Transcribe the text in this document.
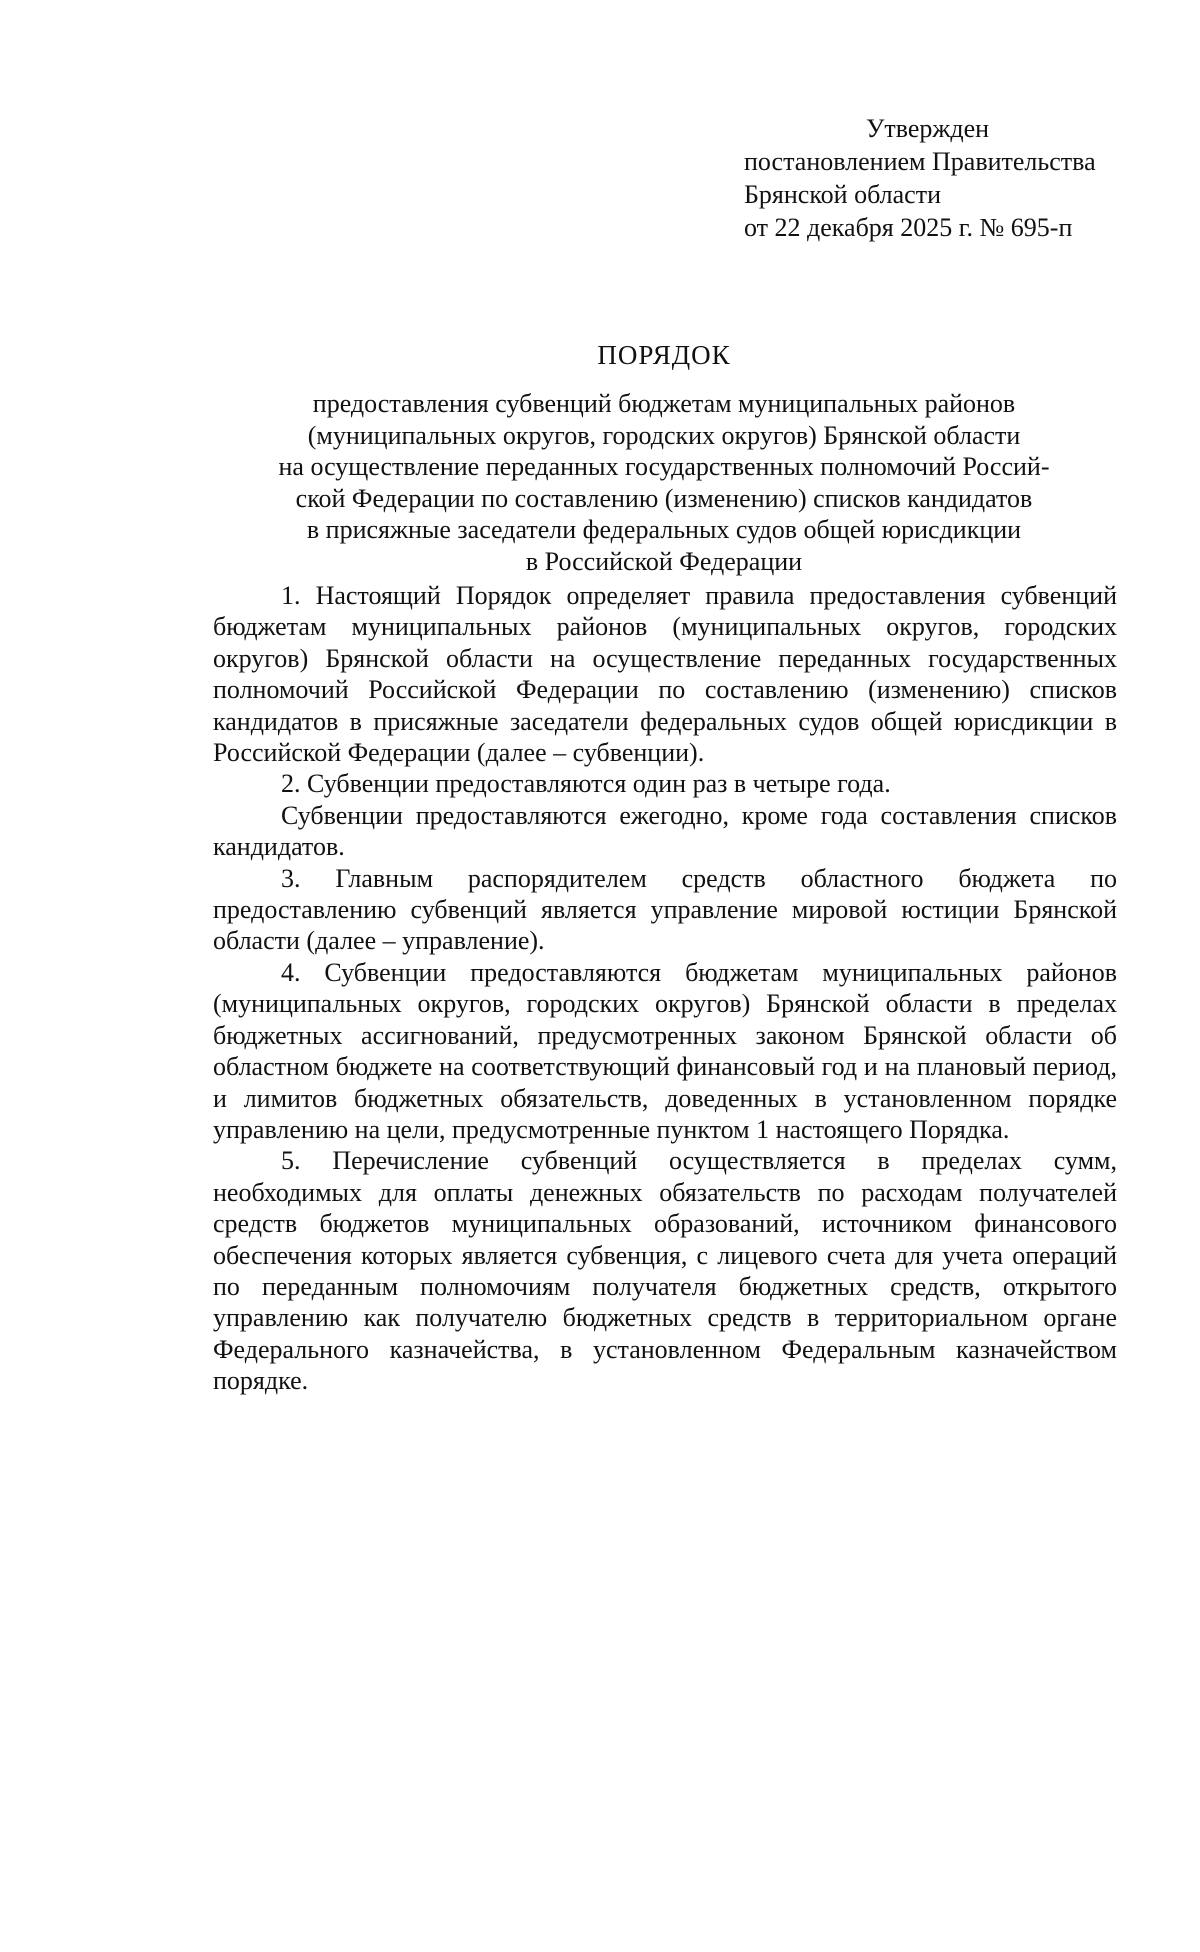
Утвержден
постановлением Правительства
Брянской области
от 22 декабря 2025 г. № 695-п
ПОРЯДОК
предоставления субвенций бюджетам муниципальных районов
(муниципальных округов, городских округов) Брянской области
на осуществление переданных государственных полномочий Россий-
ской Федерации по составлению (изменению) списков кандидатов
в присяжные заседатели федеральных судов общей юрисдикции
в Российской Федерации

1. Настоящий Порядок определяет правила предоставления субвенций бюджетам муниципальных районов (муниципальных округов, городских округов) Брянской области на осуществление переданных государственных полномочий Российской Федерации по составлению (изменению) списков кандидатов в присяжные заседатели федеральных судов общей юрисдикции в Российской Федерации (далее – субвенции).

2. Субвенции предоставляются один раз в четыре года.

Субвенции предоставляются ежегодно, кроме года составления списков кандидатов.

3. Главным распорядителем средств областного бюджета по предоставлению субвенций является управление мировой юстиции Брянской области (далее – управление).

4. Субвенции предоставляются бюджетам муниципальных районов (муниципальных округов, городских округов) Брянской области в пределах бюджетных ассигнований, предусмотренных законом Брянской области об областном бюджете на соответствующий финансовый год и на плановый период, и лимитов бюджетных обязательств, доведенных в установленном порядке управлению на цели, предусмотренные пунктом 1 настоящего Порядка.

5. Перечисление субвенций осуществляется в пределах сумм, необходимых для оплаты денежных обязательств по расходам получателей средств бюджетов муниципальных образований, источником финансового обеспечения которых является субвенция, с лицевого счета для учета операций по переданным полномочиям получателя бюджетных средств, открытого управлению как получателю бюджетных средств в территориальном органе Федерального казначейства, в установленном Федеральным казначейством порядке.
